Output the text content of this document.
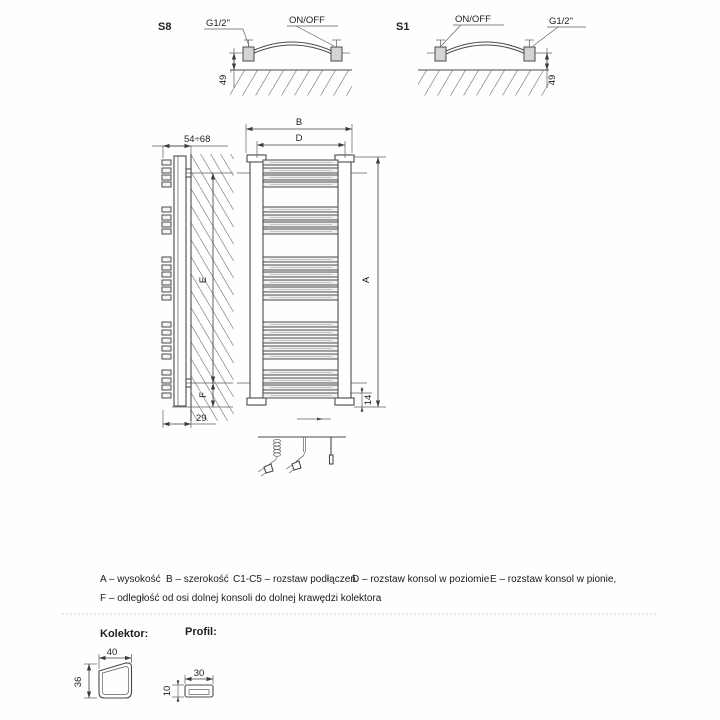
S8	G1/2"	ON/OFF
49
S1
ON/OFF	G1/2"
49
54÷68
E
F
29
B
D
A
14
A – wysokość B – szerokość C1-C5 – rozstaw podłączeń
D – rozstaw konsol w poziomie E – rozstaw konsol w pionie,
F – odległość od osi dolnej konsoli do dolnej krawędzi kolektora
Kolektor:
40
36
Profil:
30
10
